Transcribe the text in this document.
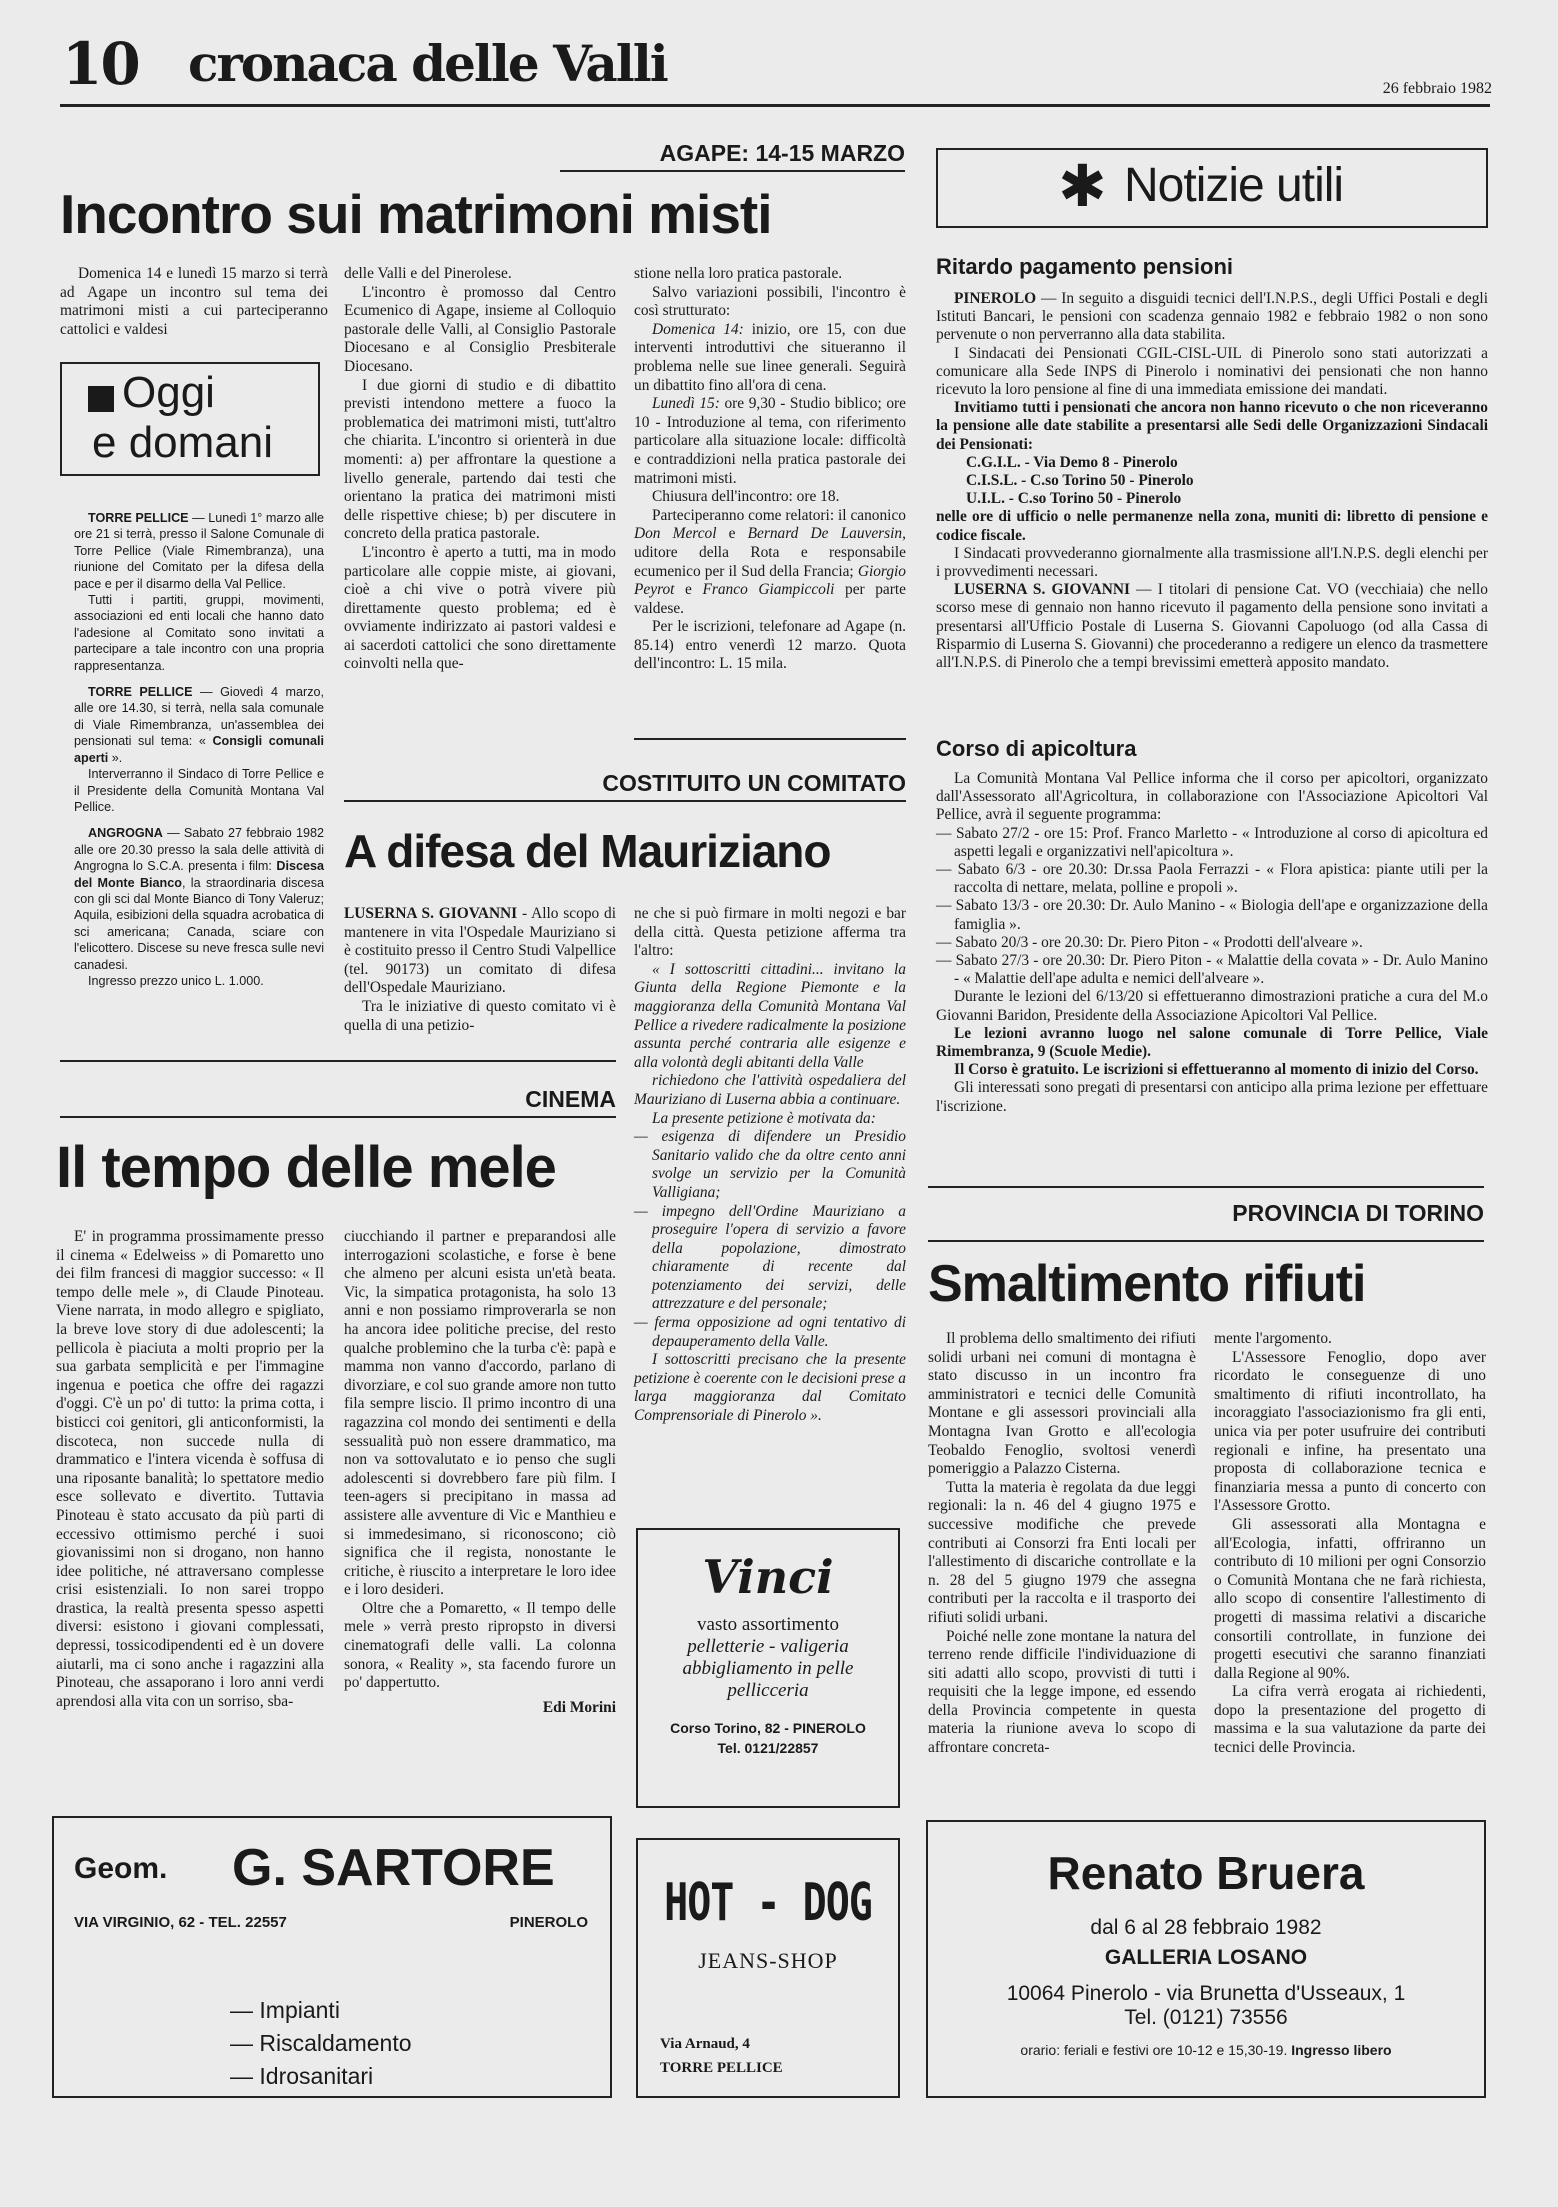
10 cronaca delle Valli	26 febbraio 1982
AGAPE: 14-15 MARZO
Incontro sui matrimoni misti

Domenica 14 e lunedì 15 marzo si terrà ad Agape un incontro sul tema dei matrimoni misti a cui parteciperanno cattolici e valdesi

delle Valli e del Pinerolese.

L'incontro è promosso dal Centro Ecumenico di Agape, insieme al Colloquio pastorale delle Valli, al Consiglio Pastorale Diocesano e al Consiglio Presbiterale Diocesano.

I due giorni di studio e di dibattito previsti intendono mettere a fuoco la problematica dei matrimoni misti, tutt'altro che chiarita. L'incontro si orienterà in due momenti: a) per affrontare la questione a livello generale, partendo dai testi che orientano la pratica dei matrimoni misti delle rispettive chiese; b) per discutere in concreto della pratica pastorale.

L'incontro è aperto a tutti, ma in modo particolare alle coppie miste, ai giovani, cioè a chi vive o potrà vivere più direttamente questo problema; ed è ovviamente indirizzato ai pastori valdesi e ai sacerdoti cattolici che sono direttamente coinvolti nella que-

stione nella loro pratica pastorale.

Salvo variazioni possibili, l'incontro è così strutturato:

Domenica 14: inizio, ore 15, con due interventi introduttivi che situeranno il problema nelle sue linee generali. Seguirà un dibattito fino all'ora di cena.

Lunedì 15: ore 9,30 - Studio biblico; ore 10 - Introduzione al tema, con riferimento particolare alla situazione locale: difficoltà e contraddizioni nella pratica pastorale dei matrimoni misti.

Chiusura dell'incontro: ore 18.

Parteciperanno come relatori: il canonico Don Mercol e Bernard De Lauversin, uditore della Rota e responsabile ecumenico per il Sud della Francia; Giorgio Peyrot e Franco Giampiccoli per parte valdese.

Per le iscrizioni, telefonare ad Agape (n. 85.14) entro venerdì 12 marzo. Quota dell'incontro: L. 15 mila.

Oggi
e domani

TORRE PELLICE — Lunedì 1° marzo alle ore 21 si terrà, presso il Salone Comunale di Torre Pellice (Viale Rimembranza), una riunione del Comitato per la difesa della pace e per il disarmo della Val Pellice.

Tutti i partiti, gruppi, movimenti, associazioni ed enti locali che hanno dato l'adesione al Comitato sono invitati a partecipare a tale incontro con una propria rappresentanza.

TORRE PELLICE — Giovedì 4 marzo, alle ore 14.30, si terrà, nella sala comunale di Viale Rimembranza, un'assemblea dei pensionati sul tema: « Consigli comunali aperti ».

Interverranno il Sindaco di Torre Pellice e il Presidente della Comunità Montana Val Pellice.

ANGROGNA — Sabato 27 febbraio 1982 alle ore 20.30 presso la sala delle attività di Angrogna lo S.C.A. presenta i film: Discesa del Monte Bianco, la straordinaria discesa con gli sci dal Monte Bianco di Tony Valeruz; Aquila, esibizioni della squadra acrobatica di sci americana; Canada, sciare con l'elicottero. Discese su neve fresca sulle nevi canadesi.

Ingresso prezzo unico L. 1.000.

COSTITUITO UN COMITATO
A difesa del Mauriziano

LUSERNA S. GIOVANNI - Allo scopo di mantenere in vita l'Ospedale Mauriziano si è costituito presso il Centro Studi Valpellice (tel. 90173) un comitato di difesa dell'Ospedale Mauriziano.

Tra le iniziative di questo comitato vi è quella di una petizio-

ne che si può firmare in molti negozi e bar della città. Questa petizione afferma tra l'altro:

« I sottoscritti cittadini... invitano la Giunta della Regione Piemonte e la maggioranza della Comunità Montana Val Pellice a rivedere radicalmente la posizione assunta perché contraria alle esigenze e alla volontà degli abitanti della Valle

richiedono che l'attività ospedaliera del Mauriziano di Luserna abbia a continuare.

La presente petizione è motivata da:

— esigenza di difendere un Presidio Sanitario valido che da oltre cento anni svolge un servizio per la Comunità Valligiana;
— impegno dell'Ordine Mauriziano a proseguire l'opera di servizio a favore della popolazione, dimostrato chiaramente di recente dal potenziamento dei servizi, delle attrezzature e del personale;
— ferma opposizione ad ogni tentativo di depauperamento della Valle.

I sottoscritti precisano che la presente petizione è coerente con le decisioni prese a larga maggioranza dal Comitato Comprensoriale di Pinerolo ».

CINEMA
Il tempo delle mele

E' in programma prossimamente presso il cinema « Edelweiss » di Pomaretto uno dei film francesi di maggior successo: « Il tempo delle mele », di Claude Pinoteau. Viene narrata, in modo allegro e spigliato, la breve love story di due adolescenti; la pellicola è piaciuta a molti proprio per la sua garbata semplicità e per l'immagine ingenua e poetica che offre dei ragazzi d'oggi. C'è un po' di tutto: la prima cotta, i bisticci coi genitori, gli anticonformisti, la discoteca, non succede nulla di drammatico e l'intera vicenda è soffusa di una riposante banalità; lo spettatore medio esce sollevato e divertito. Tuttavia Pinoteau è stato accusato da più parti di eccessivo ottimismo perché i suoi giovanissimi non si drogano, non hanno idee politiche, né attraversano complesse crisi esistenziali. Io non sarei troppo drastica, la realtà presenta spesso aspetti diversi: esistono i giovani complessati, depressi, tossicodipendenti ed è un dovere aiutarli, ma ci sono anche i ragazzini alla Pinoteau, che assaporano i loro anni verdi aprendosi alla vita con un sorriso, sba-

ciucchiando il partner e preparandosi alle interrogazioni scolastiche, e forse è bene che almeno per alcuni esista un'età beata. Vic, la simpatica protagonista, ha solo 13 anni e non possiamo rimproverarla se non ha ancora idee politiche precise, del resto qualche problemino che la turba c'è: papà e mamma non vanno d'accordo, parlano di divorziare, e col suo grande amore non tutto fila sempre liscio. Il primo incontro di una ragazzina col mondo dei sentimenti e della sessualità può non essere drammatico, ma non va sottovalutato e io penso che sugli adolescenti si dovrebbero fare più film. I teen-agers si precipitano in massa ad assistere alle avventure di Vic e Manthieu e si immedesimano, si riconoscono; ciò significa che il regista, nonostante le critiche, è riuscito a interpretare le loro idee e i loro desideri.

Oltre che a Pomaretto, « Il tempo delle mele » verrà presto ripropsto in diversi cinematografi delle valli. La colonna sonora, « Reality », sta facendo furore un po' dappertutto.

Edi Morini

✱ Notizie utili
Ritardo pagamento pensioni

PINEROLO — In seguito a disguidi tecnici dell'I.N.P.S., degli Uffici Postali e degli Istituti Bancari, le pensioni con scadenza gennaio 1982 e febbraio 1982 o non sono pervenute o non perverranno alla data stabilita.

I Sindacati dei Pensionati CGIL-CISL-UIL di Pinerolo sono stati autorizzati a comunicare alla Sede INPS di Pinerolo i nominativi dei pensionati che non hanno ricevuto la loro pensione al fine di una immediata emissione dei mandati.

Invitiamo tutti i pensionati che ancora non hanno ricevuto o che non riceveranno la pensione alle date stabilite a presentarsi alle Sedi delle Organizzazioni Sindacali dei Pensionati:

C.G.I.L. - Via Demo 8 - Pinerolo

C.I.S.L. - C.so Torino 50 - Pinerolo

U.I.L. - C.so Torino 50 - Pinerolo

nelle ore di ufficio o nelle permanenze nella zona, muniti di: libretto di pensione e codice fiscale.

I Sindacati provvederanno giornalmente alla trasmissione all'I.N.P.S. degli elenchi per i provvedimenti necessari.

LUSERNA S. GIOVANNI — I titolari di pensione Cat. VO (vecchiaia) che nello scorso mese di gennaio non hanno ricevuto il pagamento della pensione sono invitati a presentarsi all'Ufficio Postale di Luserna S. Giovanni Capoluogo (od alla Cassa di Risparmio di Luserna S. Giovanni) che procederanno a redigere un elenco da trasmettere all'I.N.P.S. di Pinerolo che a tempi brevissimi emetterà apposito mandato.

Corso di apicoltura

La Comunità Montana Val Pellice informa che il corso per apicoltori, organizzato dall'Assessorato all'Agricoltura, in collaborazione con l'Associazione Apicoltori Val Pellice, avrà il seguente programma:

— Sabato 27/2 - ore 15: Prof. Franco Marletto - « Introduzione al corso di apicoltura ed aspetti legali e organizzativi nell'apicoltura ».
— Sabato 6/3 - ore 20.30: Dr.ssa Paola Ferrazzi - « Flora apistica: piante utili per la raccolta di nettare, melata, polline e propoli ».
— Sabato 13/3 - ore 20.30: Dr. Aulo Manino - « Biologia dell'ape e organizzazione della famiglia ».
— Sabato 20/3 - ore 20.30: Dr. Piero Piton - « Prodotti dell'alveare ».
— Sabato 27/3 - ore 20.30: Dr. Piero Piton - « Malattie della covata » - Dr. Aulo Manino - « Malattie dell'ape adulta e nemici dell'alveare ».

Durante le lezioni del 6/13/20 si effettueranno dimostrazioni pratiche a cura del M.o Giovanni Baridon, Presidente della Associazione Apicoltori Val Pellice.

Le lezioni avranno luogo nel salone comunale di Torre Pellice, Viale Rimembranza, 9 (Scuole Medie).

Il Corso è gratuito. Le iscrizioni si effettueranno al momento di inizio del Corso.

Gli interessati sono pregati di presentarsi con anticipo alla prima lezione per effettuare l'iscrizione.

PROVINCIA DI TORINO
Smaltimento rifiuti

Il problema dello smaltimento dei rifiuti solidi urbani nei comuni di montagna è stato discusso in un incontro fra amministratori e tecnici delle Comunità Montane e gli assessori provinciali alla Montagna Ivan Grotto e all'ecologia Teobaldo Fenoglio, svoltosi venerdì pomeriggio a Palazzo Cisterna.

Tutta la materia è regolata da due leggi regionali: la n. 46 del 4 giugno 1975 e successive modifiche che prevede contributi ai Consorzi fra Enti locali per l'allestimento di discariche controllate e la n. 28 del 5 giugno 1979 che assegna contributi per la raccolta e il trasporto dei rifiuti solidi urbani.

Poiché nelle zone montane la natura del terreno rende difficile l'individuazione di siti adatti allo scopo, provvisti di tutti i requisiti che la legge impone, ed essendo della Provincia competente in questa materia la riunione aveva lo scopo di affrontare concreta-

mente l'argomento.

L'Assessore Fenoglio, dopo aver ricordato le conseguenze di uno smaltimento di rifiuti incontrollato, ha incoraggiato l'associazionismo fra gli enti, unica via per poter usufruire dei contributi regionali e infine, ha presentato una proposta di collaborazione tecnica e finanziaria messa a punto di concerto con l'Assessore Grotto.

Gli assessorati alla Montagna e all'Ecologia, infatti, offriranno un contributo di 10 milioni per ogni Consorzio o Comunità Montana che ne farà richiesta, allo scopo di consentire l'allestimento di progetti di massima relativi a discariche consortili controllate, in funzione dei progetti esecutivi che saranno finanziati dalla Regione al 90%.

La cifra verrà erogata ai richiedenti, dopo la presentazione del progetto di massima e la sua valutazione da parte dei tecnici delle Provincia.

Vinci
vasto assortimento
pelletterie - valigeria
abbigliamento in pelle
pellicceria
Corso Torino, 82 - PINEROLO
Tel. 0121/22857
Geom. G. SARTORE
VIA VIRGINIO, 62 - TEL. 22557	PINEROLO
— Impianti
— Riscaldamento
— Idrosanitari
HOT - DOG
JEANS-SHOP
Via Arnaud, 4
TORRE PELLICE
Renato Bruera
dal 6 al 28 febbraio 1982
GALLERIA LOSANO
10064 Pinerolo - via Brunetta d'Usseaux, 1
Tel. (0121) 73556
orario: feriali e festivi ore 10-12 e 15,30-19. Ingresso libero
